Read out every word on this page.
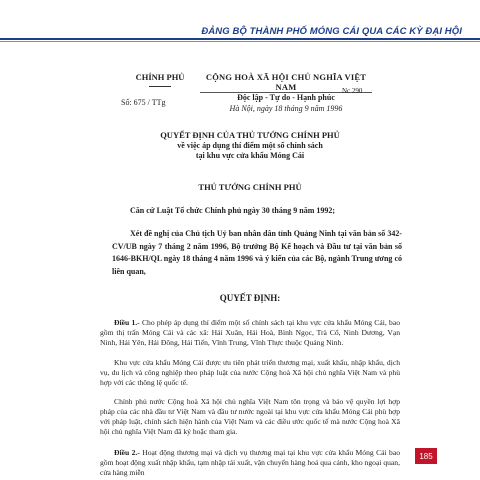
ĐẢNG BỘ THÀNH PHỐ MÓNG CÁI QUA CÁC KỲ ĐẠI HỘI
CHÍNH PHỦ
Số: 675 / TTg
CỘNG HOÀ XÃ HỘI CHỦ NGHĨA VIỆT NAM
Độc lập - Tự do - Hạnh phúc
Nc 290
Hà Nội, ngày 18 tháng 9 năm 1996
QUYẾT ĐỊNH CỦA THỦ TƯỚNG CHÍNH PHỦ
về việc áp dụng thí điểm một số chính sách
tại khu vực cửa khẩu Móng Cái
THỦ TƯỚNG CHÍNH PHỦ
Căn cứ Luật Tổ chức Chính phủ ngày 30 tháng 9 năm 1992;
Xét đề nghị của Chủ tịch Uỷ ban nhân dân tỉnh Quảng Ninh tại văn bản số 342-CV/UB ngày 7 tháng 2 năm 1996, Bộ trưởng Bộ Kế hoạch và Đầu tư tại văn bản số 1646-BKH/QL ngày 18 tháng 4 năm 1996 và ý kiến của các Bộ, ngành Trung ương có liên quan,
QUYẾT ĐỊNH:
Điều 1.- Cho phép áp dụng thí điểm một số chính sách tại khu vực cửa khẩu Móng Cái, bao gồm thị trấn Móng Cái và các xã: Hải Xuân, Hải Hoà, Bình Ngọc, Trà Cổ, Ninh Dương, Vạn Ninh, Hải Yên, Hải Đông, Hải Tiến, Vĩnh Trung, Vĩnh Thực thuộc Quảng Ninh.
Khu vực cửa khẩu Móng Cái được ưu tiên phát triển thương mại, xuất khẩu, nhập khẩu, dịch vụ, du lịch và công nghiệp theo pháp luật của nước Cộng hoà Xã hội chủ nghĩa Việt Nam và phù hợp với các thông lệ quốc tế.
Chính phủ nước Cộng hoà Xã hội chủ nghĩa Việt Nam tôn trọng và bảo vệ quyền lợi hợp pháp của các nhà đầu tư Việt Nam và đầu tư nước ngoài tại khu vực cửa khẩu Móng Cái phù hợp với pháp luật, chính sách hiện hành của Việt Nam và các điều ước quốc tế mà nước Cộng hoà Xã hội chủ nghĩa Việt Nam đã ký hoặc tham gia.
Điều 2.- Hoạt động thương mại và dịch vụ thương mại tại khu vực cửa khẩu Móng Cái bao gồm hoạt động xuất nhập khẩu, tạm nhập tái xuất, vận chuyển hàng hoá qua cảnh, kho ngoại quan, cửa hàng miễn
185
